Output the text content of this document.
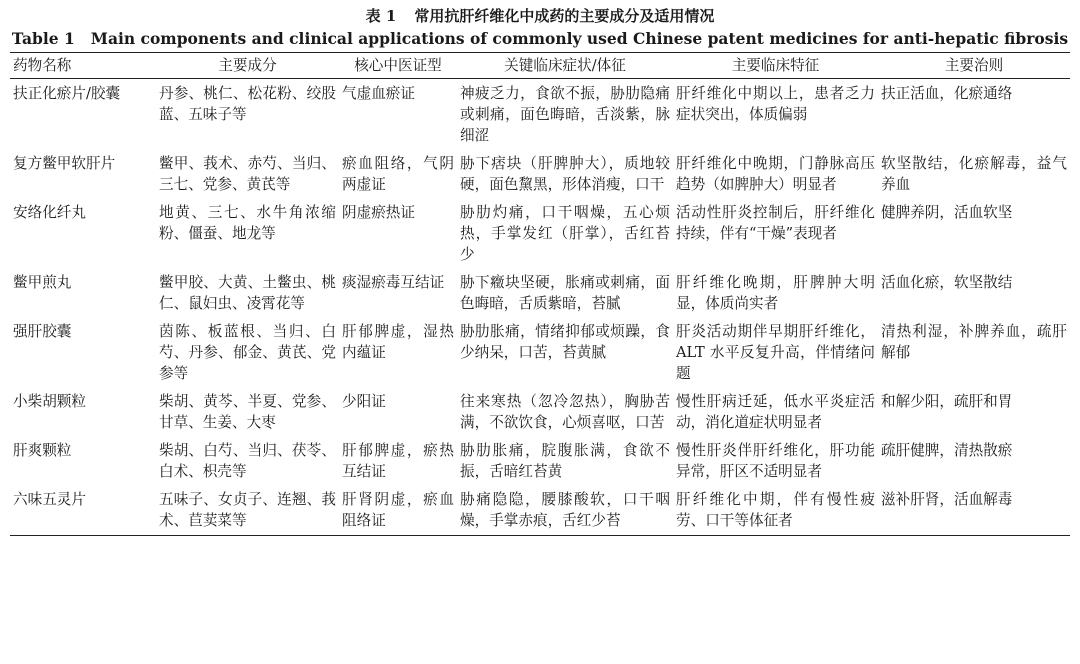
表 1 常用抗肝纤维化中成药的主要成分及适用情况
Table 1 Main components and clinical applications of commonly used Chinese patent medicines for anti-hepatic fibrosis
药物名称	主要成分	核心中医证型	关键临床症状/体征	主要临床特征	主要治则
扶正化瘀片/胶囊	丹参、桃仁、松花粉、绞股蓝、五味子等	气虚血瘀证	神疲乏力，食欲不振，胁肋隐痛或刺痛，面色晦暗，舌淡紫，脉细涩	肝纤维化中期以上，患者乏力症状突出，体质偏弱	扶正活血，化瘀通络
复方鳖甲软肝片	鳖甲、莪术、赤芍、当归、三七、党参、黄芪等	瘀血阻络，气阴两虚证	胁下痞块（肝脾肿大），质地较硬，面色黧黑，形体消瘦，口干	肝纤维化中晚期，门静脉高压趋势（如脾肿大）明显者	软坚散结，化瘀解毒，益气养血
安络化纤丸	地黄、三七、水牛角浓缩粉、僵蚕、地龙等	阴虚瘀热证	胁肋灼痛，口干咽燥，五心烦热，手掌发红（肝掌），舌红苔少	活动性肝炎控制后，肝纤维化持续，伴有“干燥”表现者	健脾养阴，活血软坚
鳖甲煎丸	鳖甲胶、大黄、土鳖虫、桃仁、鼠妇虫、凌霄花等	痰湿瘀毒互结证	胁下癥块坚硬，胀痛或刺痛，面色晦暗，舌质紫暗，苔腻	肝纤维化晚期，肝脾肿大明显，体质尚实者	活血化瘀，软坚散结
强肝胶囊	茵陈、板蓝根、当归、白芍、丹参、郁金、黄芪、党参等	肝郁脾虚，湿热内蕴证	胁肋胀痛，情绪抑郁或烦躁，食少纳呆，口苦，苔黄腻	肝炎活动期伴早期肝纤维化，ALT 水平反复升高，伴情绪问题	清热利湿，补脾养血，疏肝解郁
小柴胡颗粒	柴胡、黄芩、半夏、党参、甘草、生姜、大枣	少阳证	往来寒热（忽冷忽热），胸胁苦满，不欲饮食，心烦喜呕，口苦	慢性肝病迁延，低水平炎症活动，消化道症状明显者	和解少阳，疏肝和胃
肝爽颗粒	柴胡、白芍、当归、茯苓、白术、枳壳等	肝郁脾虚，瘀热互结证	胁肋胀痛，脘腹胀满，食欲不振，舌暗红苔黄	慢性肝炎伴肝纤维化，肝功能异常，肝区不适明显者	疏肝健脾，清热散瘀
六味五灵片	五味子、女贞子、连翘、莪术、苣荬菜等	肝肾阴虚，瘀血阻络证	胁痛隐隐，腰膝酸软，口干咽燥，手掌赤痕，舌红少苔	肝纤维化中期，伴有慢性疲劳、口干等体征者	滋补肝肾，活血解毒
